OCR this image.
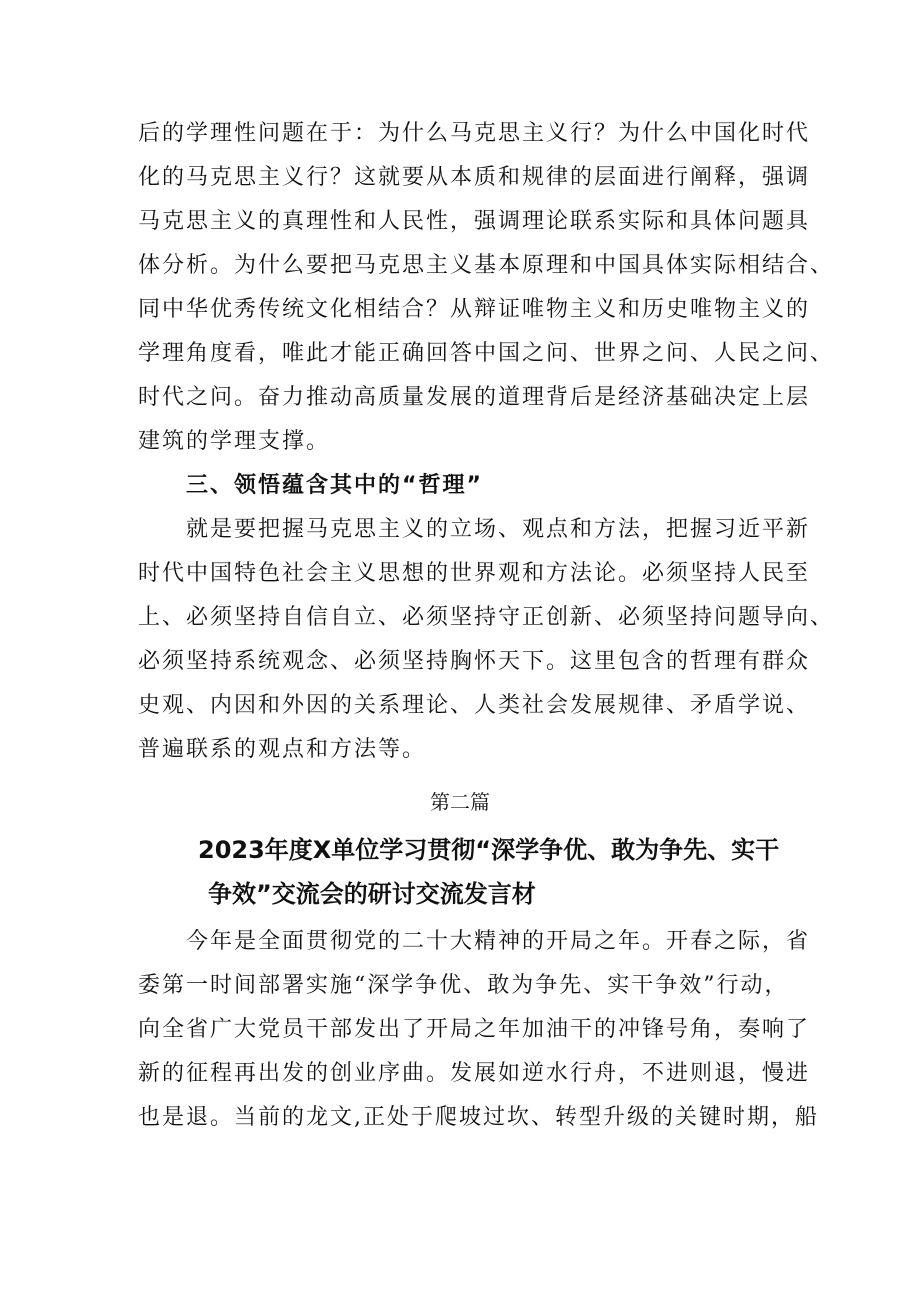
后的学理性问题在于：为什么马克思主义行？为什么中国化时代
化的马克思主义行？这就要从本质和规律的层面进行阐释，强调
马克思主义的真理性和人民性，强调理论联系实际和具体问题具
体分析。为什么要把马克思主义基本原理和中国具体实际相结合、
同中华优秀传统文化相结合？从辩证唯物主义和历史唯物主义的
学理角度看，唯此才能正确回答中国之问、世界之问、人民之问、
时代之问。奋力推动高质量发展的道理背后是经济基础决定上层
建筑的学理支撑。
三、领悟蕴含其中的“哲理”
就是要把握马克思主义的立场、观点和方法，把握习近平新
时代中国特色社会主义思想的世界观和方法论。必须坚持人民至
上、必须坚持自信自立、必须坚持守正创新、必须坚持问题导向、
必须坚持系统观念、必须坚持胸怀天下。这里包含的哲理有群众
史观、内因和外因的关系理论、人类社会发展规律、矛盾学说、
普遍联系的观点和方法等。
第二篇
2023年度X单位学习贯彻“深学争优、敢为争先、实干
争效”交流会的研讨交流发言材
今年是全面贯彻党的二十大精神的开局之年。开春之际，省
委第一时间部署实施“深学争优、敢为争先、实干争效”行动，
向全省广大党员干部发出了开局之年加油干的冲锋号角，奏响了
新的征程再出发的创业序曲。发展如逆水行舟，不进则退，慢进
也是退。当前的龙文,正处于爬坡过坎、转型升级的关键时期，船
